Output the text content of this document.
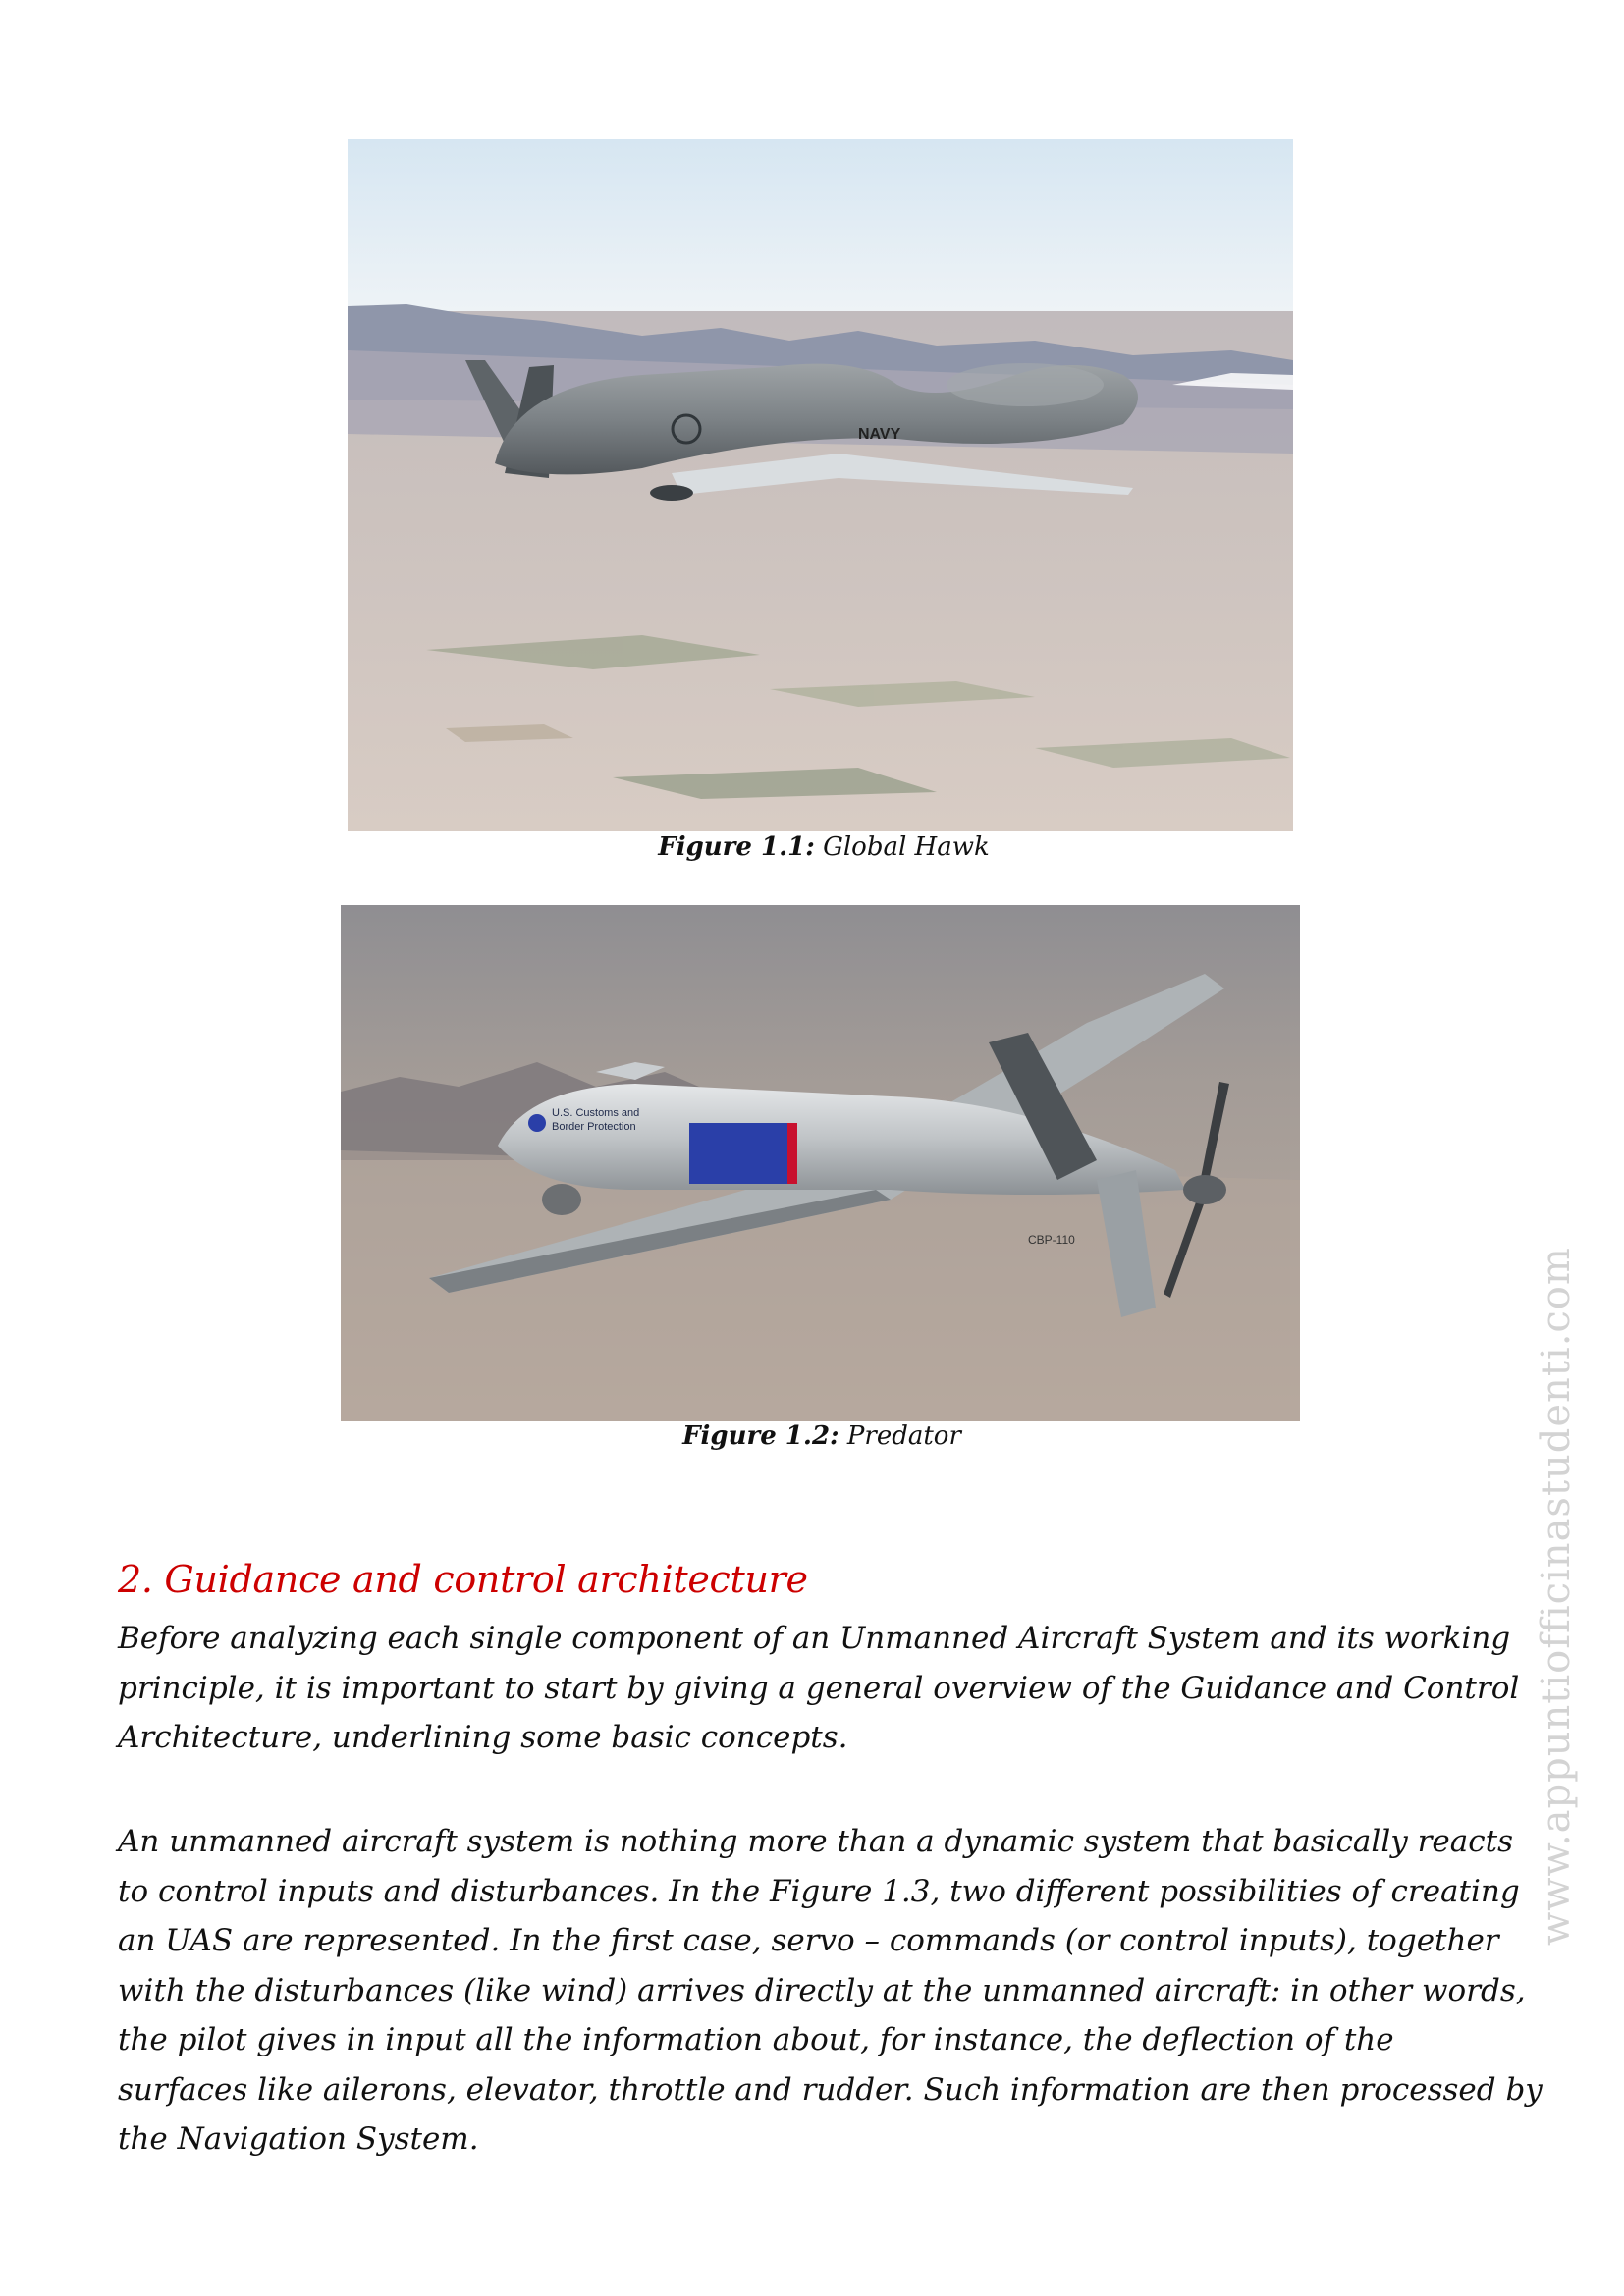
NAVY
Figure 1.1: Global Hawk
U.S. Customs and
Border Protection
CBP-110
Figure 1.2: Predator
2. Guidance and control architecture

Before analyzing each single component of an Unmanned Aircraft System and its working
principle, it is important to start by giving a general overview of the Guidance and Control
Architecture, underlining some basic concepts.

An unmanned aircraft system is nothing more than a dynamic system that basically reacts
to control inputs and disturbances. In the Figure 1.3, two different possibilities of creating
an UAS are represented. In the first case, servo – commands (or control inputs), together
with the disturbances (like wind) arrives directly at the unmanned aircraft: in other words,
the pilot gives in input all the information about, for instance, the deflection of the
surfaces like ailerons, elevator, throttle and rudder. Such information are then processed by
the Navigation System.

www.appuntiofficinastudenti.com
